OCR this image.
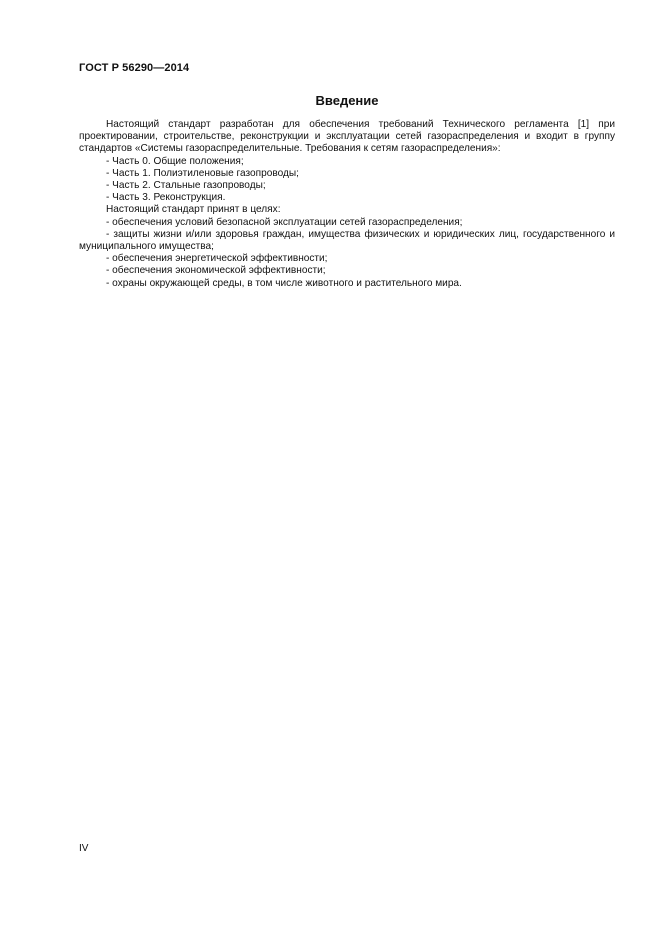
ГОСТ Р 56290—2014
Введение

Настоящий стандарт разработан для обеспечения требований Технического регламента [1] при проектировании, строительстве, реконструкции и эксплуатации сетей газораспределения и входит в группу стандартов «Системы газораспределительные. Требования к сетям газораспределения»:

- Часть 0. Общие положения;

- Часть 1. Полиэтиленовые газопроводы;

- Часть 2. Стальные газопроводы;

- Часть 3. Реконструкция.

Настоящий стандарт принят в целях:

- обеспечения условий безопасной эксплуатации сетей газораспределения;

- защиты жизни и/или здоровья граждан, имущества физических и юридических лиц, государственного и муниципального имущества;

- обеспечения энергетической эффективности;

- обеспечения экономической эффективности;

- охраны окружающей среды, в том числе животного и растительного мира.

IV
